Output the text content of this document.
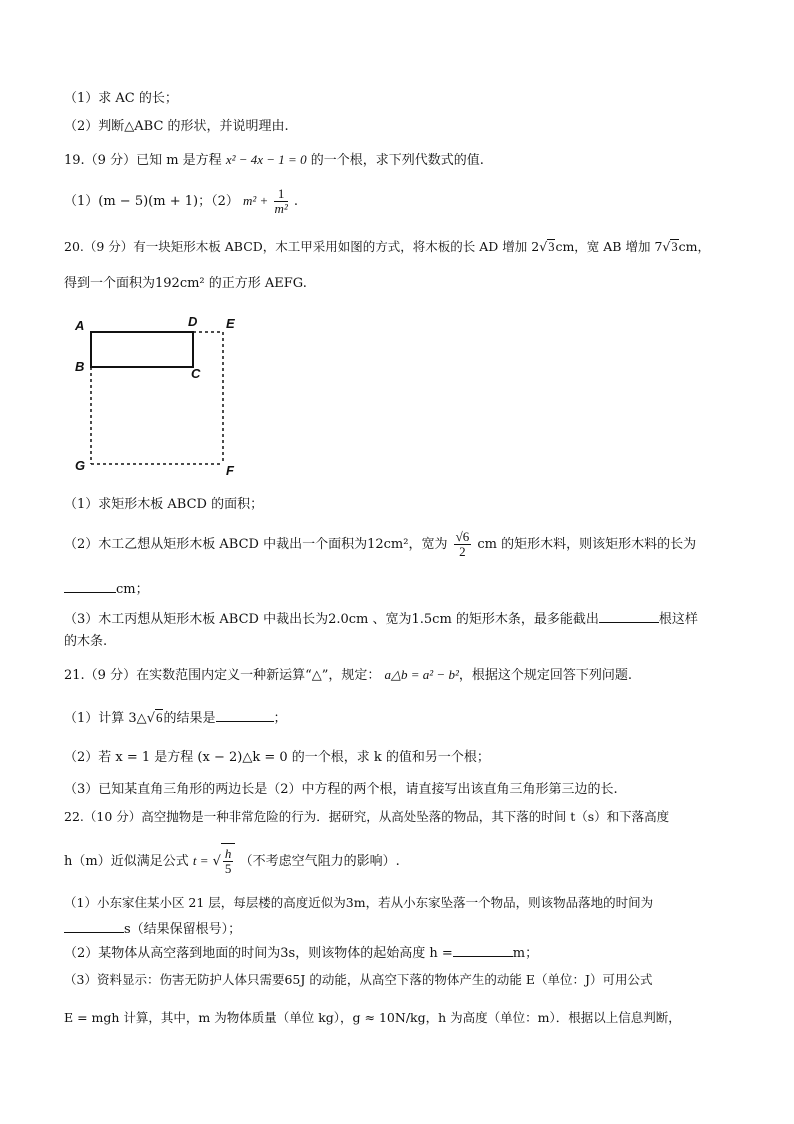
（1）求 AC 的长；
（2）判断△ABC 的形状，并说明理由.
19.（9 分）已知 m 是方程 x² − 4x − 1 = 0 的一个根，求下列代数式的值.
（1）(m − 5)(m + 1)；（2） $m^2 + \frac{1}{\text{m²}}$ .
20.（9 分）有一块矩形木板 ABCD，木工甲采用如图的方式，将木板的长 AD 增加 2√3cm，宽 AB 增加 7√3cm，
得到一个面积为192cm² 的正方形 AEFG.
A	D E
B	C
G	F
（1）求矩形木板 ABCD 的面积；
（2）木工乙想从矩形木板 ABCD 中裁出一个面积为12cm²，宽为 $\frac{√6}{2}$ cm 的矩形木料，则该矩形木料的长为
cm；
（3）木工丙想从矩形木板 ABCD 中裁出长为2.0cm 、宽为1.5cm 的矩形木条，最多能截出	根这样
的木条.
21.（9 分）在实数范围内定义一种新运算“△”，规定： a△b = a² − b²，根据这个规定回答下列问题.
（1）计算 3△√6的结果是	；
（2）若 x = 1 是方程 (x − 2)△k = 0 的一个根，求 k 的值和另一个根；
（3）已知某直角三角形的两边长是（2）中方程的两个根，请直接写出该直角三角形第三边的长.
22.（10 分）高空抛物是一种非常危险的行为．据研究，从高处坠落的物品，其下落的时间 t（s）和下落高度
h（m）近似满足公式 t = √ $\frac{h}{5}$ （不考虑空气阻力的影响）.
（1）小东家住某小区 21 层，每层楼的高度近似为3m，若从小东家坠落一个物品，则该物品落地的时间为
s（结果保留根号）；
（2）某物体从高空落到地面的时间为3s，则该物体的起始高度 h =	m；
（3）资料显示：伤害无防护人体只需要65J 的动能，从高空下落的物体产生的动能 E（单位：J）可用公式
E = mgh 计算，其中，m 为物体质量（单位 kg），g ≈ 10N/kg，h 为高度（单位：m）．根据以上信息判断，
